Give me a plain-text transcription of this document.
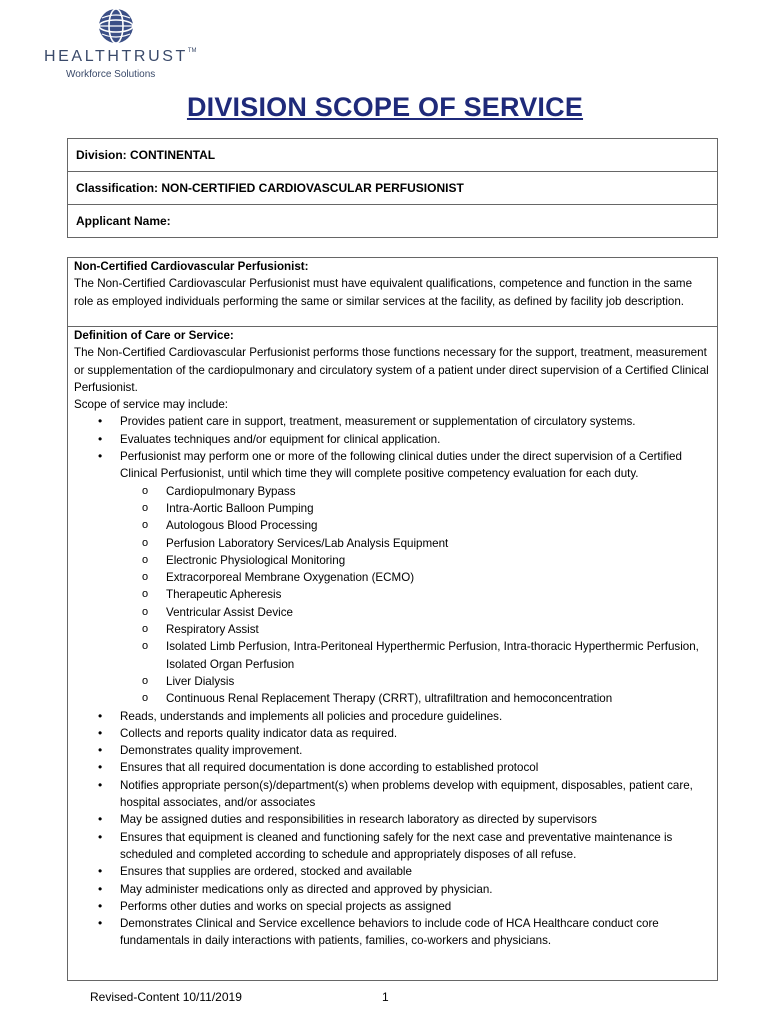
HEALTHTRUST™
Workforce Solutions
DIVISION SCOPE OF SERVICE
Division: CONTINENTAL
Classification: NON-CERTIFIED CARDIOVASCULAR PERFUSIONIST
Applicant Name:

Non-Certified Cardiovascular Perfusionist:

The Non-Certified Cardiovascular Perfusionist must have equivalent qualifications, competence and function in the same role as employed individuals performing the same or similar services at the facility, as defined by facility job description.

Definition of Care or Service:

The Non-Certified Cardiovascular Perfusionist performs those functions necessary for the support, treatment, measurement or supplementation of the cardiopulmonary and circulatory system of a patient under direct supervision of a Certified Clinical Perfusionist.

Scope of service may include:

• Provides patient care in support, treatment, measurement or supplementation of circulatory systems.
• Evaluates techniques and/or equipment for clinical application.
• Perfusionist may perform one or more of the following clinical duties under the direct supervision of a Certified Clinical Perfusionist, until which time they will complete positive competency evaluation for each duty.
o Cardiopulmonary Bypass
o Intra-Aortic Balloon Pumping
o Autologous Blood Processing
o Perfusion Laboratory Services/Lab Analysis Equipment
o Electronic Physiological Monitoring
o Extracorporeal Membrane Oxygenation (ECMO)
o Therapeutic Apheresis
o Ventricular Assist Device
o Respiratory Assist
o Isolated Limb Perfusion, Intra-Peritoneal Hyperthermic Perfusion, Intra-thoracic Hyperthermic Perfusion, Isolated Organ Perfusion
o Liver Dialysis
o Continuous Renal Replacement Therapy (CRRT), ultrafiltration and hemoconcentration
• Reads, understands and implements all policies and procedure guidelines.
• Collects and reports quality indicator data as required.
• Demonstrates quality improvement.
• Ensures that all required documentation is done according to established protocol
• Notifies appropriate person(s)/department(s) when problems develop with equipment, disposables, patient care, hospital associates, and/or associates
• May be assigned duties and responsibilities in research laboratory as directed by supervisors
• Ensures that equipment is cleaned and functioning safely for the next case and preventative maintenance is scheduled and completed according to schedule and appropriately disposes of all refuse.
• Ensures that supplies are ordered, stocked and available
• May administer medications only as directed and approved by physician.
• Performs other duties and works on special projects as assigned
• Demonstrates Clinical and Service excellence behaviors to include code of HCA Healthcare conduct core fundamentals in daily interactions with patients, families, co-workers and physicians.
Revised-Content 10/11/2019	1
